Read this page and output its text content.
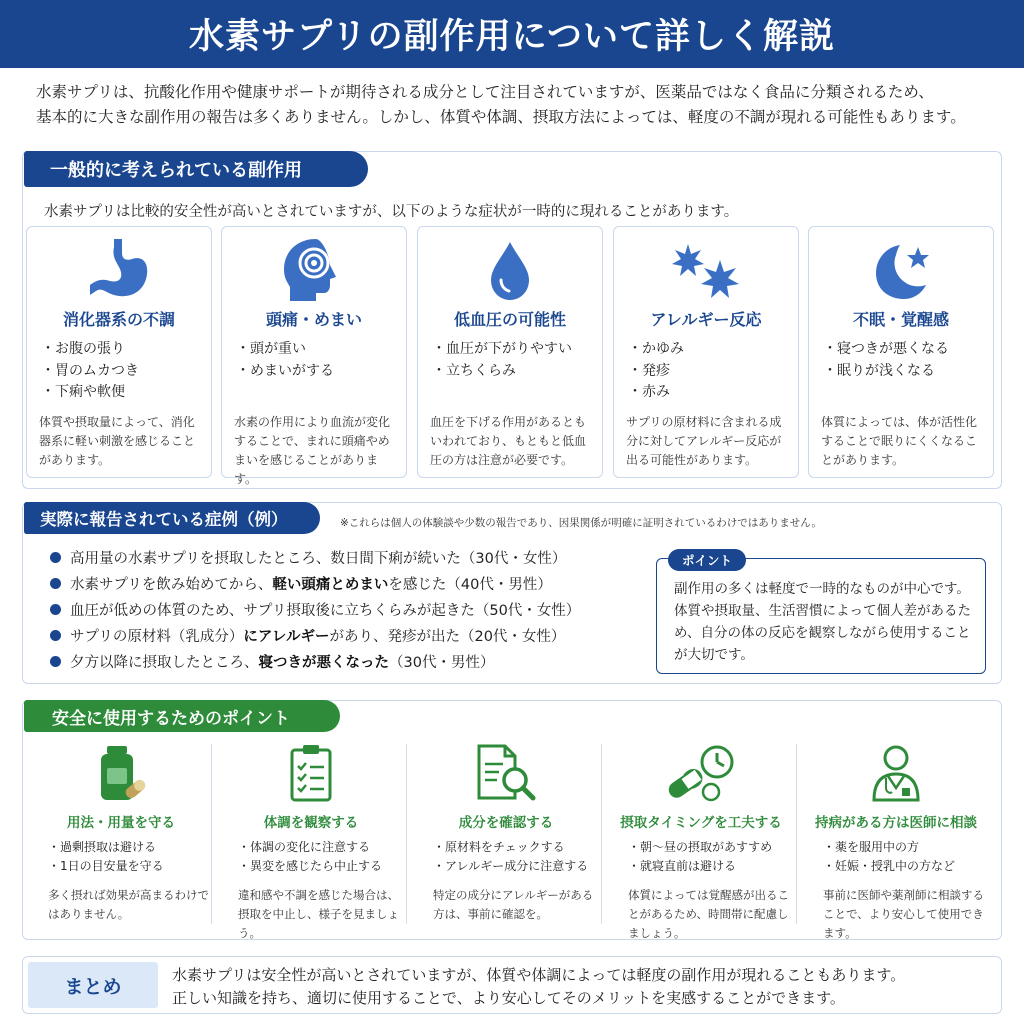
水素サプリの副作用について詳しく解説
水素サプリは、抗酸化作用や健康サポートが期待される成分として注目されていますが、医薬品ではなく食品に分類されるため、
基本的に大きな副作用の報告は多くありません。しかし、体質や体調、摂取方法によっては、軽度の不調が現れる可能性もあります。
一般的に考えられている副作用
水素サプリは比較的安全性が高いとされていますが、以下のような症状が一時的に現れることがあります。
消化器系の不調
・お腹の張り
・胃のムカつき
・下痢や軟便
体質や摂取量によって、消化器系に軽い刺激を感じることがあります。
頭痛・めまい
・頭が重い
・めまいがする
水素の作用により血流が変化することで、まれに頭痛やめまいを感じることがあります。
低血圧の可能性
・血圧が下がりやすい
・立ちくらみ
血圧を下げる作用があるともいわれており、もともと低血圧の方は注意が必要です。
アレルギー反応
・かゆみ
・発疹
・赤み
サプリの原材料に含まれる成分に対してアレルギー反応が出る可能性があります。
不眠・覚醒感
・寝つきが悪くなる
・眠りが浅くなる
体質によっては、体が活性化することで眠りにくくなることがあります。
実際に報告されている症例（例）	※これらは個人の体験談や少数の報告であり、因果関係が明確に証明されているわけではありません。
高用量の水素サプリを摂取したところ、数日間下痢が続いた（30代・女性）
水素サプリを飲み始めてから、 軽い頭痛とめまい を感じた（40代・男性）
血圧が低めの体質のため、サプリ摂取後に立ちくらみが起きた（50代・女性）
サプリの原材料（乳成分） にアレルギー があり、発疹が出た（20代・女性）
夕方以降に摂取したところ、 寝つきが悪くなった （30代・男性）
ポイント
副作用の多くは軽度で一時的なものが中心です。体質や摂取量、生活習慣によって個人差があるため、自分の体の反応を観察しながら使用することが大切です。
安全に使用するためのポイント
用法・用量を守る
・過剰摂取は避ける
・1日の目安量を守る
多く摂れば効果が高まるわけではありません。
体調を観察する
・体調の変化に注意する
・異変を感じたら中止する
違和感や不調を感じた場合は、摂取を中止し、様子を見ましょう。
成分を確認する
・原材料をチェックする
・アレルギー成分に注意する
特定の成分にアレルギーがある方は、事前に確認を。
摂取タイミングを工夫する
・朝〜昼の摂取があすすめ
・就寝直前は避ける
体質によっては覚醒感が出ることがあるため、時間帯に配慮しましょう。
持病がある方は医師に相談
・薬を服用中の方
・妊娠・授乳中の方など
事前に医師や薬剤師に相談することで、より安心して使用できます。
まとめ
水素サプリは安全性が高いとされていますが、体質や体調によっては軽度の副作用が現れることもあります。
正しい知識を持ち、適切に使用することで、より安心してそのメリットを実感することができます。
